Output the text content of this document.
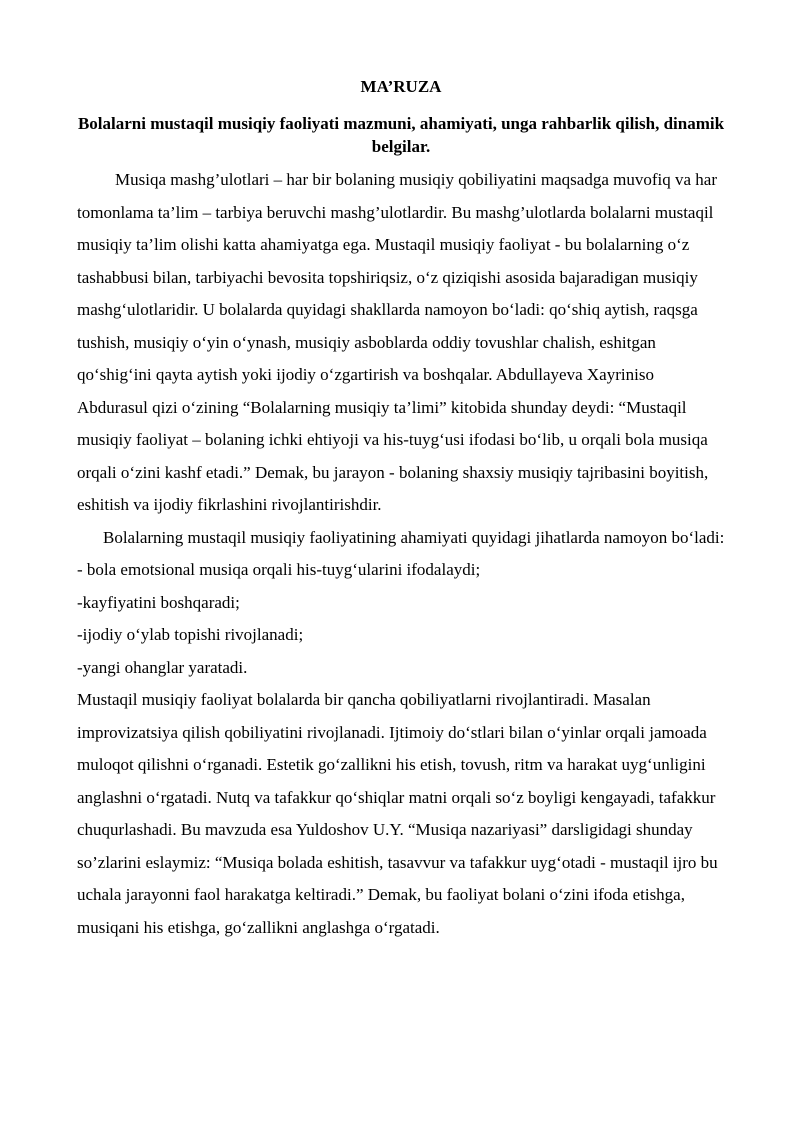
MA’RUZA
Bolalarni mustaqil musiqiy faoliyati mazmuni, ahamiyati, unga rahbarlik qilish, dinamik belgilar.

Musiqa mashg’ulotlari – har bir bolaning musiqiy qobiliyatini maqsadga muvofiq va har tomonlama ta’lim – tarbiya beruvchi mashg’ulotlardir. Bu mashg’ulotlarda bolalarni mustaqil musiqiy ta’lim olishi katta ahamiyatga ega. Mustaqil musiqiy faoliyat - bu bolalarning o‘z tashabbusi bilan, tarbiyachi bevosita topshiriqsiz, o‘z qiziqishi asosida bajaradigan musiqiy mashg‘ulotlaridir. U bolalarda quyidagi shakllarda namoyon bo‘ladi: qo‘shiq aytish, raqsga tushish, musiqiy o‘yin o‘ynash, musiqiy asboblarda oddiy tovushlar chalish, eshitgan qo‘shig‘ini qayta aytish yoki ijodiy o‘zgartirish va boshqalar. Abdullayeva Xayriniso Abdurasul qizi o‘zining “Bolalarning musiqiy ta’limi” kitobida shunday deydi: “Mustaqil musiqiy faoliyat – bolaning ichki ehtiyoji va his-tuyg‘usi ifodasi bo‘lib, u orqali bola musiqa orqali o‘zini kashf etadi.” Demak, bu jarayon - bolaning shaxsiy musiqiy tajribasini boyitish, eshitish va ijodiy fikrlashini rivojlantirishdir.

Bolalarning mustaqil musiqiy faoliyatining ahamiyati quyidagi jihatlarda namoyon bo‘ladi:

- bola emotsional musiqa orqali his-tuyg‘ularini ifodalaydi;
-kayfiyatini boshqaradi;
-ijodiy o‘ylab topishi rivojlanadi;
-yangi ohanglar yaratadi.

Mustaqil musiqiy faoliyat bolalarda bir qancha qobiliyatlarni rivojlantiradi. Masalan improvizatsiya qilish qobiliyatini rivojlanadi. Ijtimoiy do‘stlari bilan o‘yinlar orqali jamoada muloqot qilishni o‘rganadi. Estetik go‘zallikni his etish, tovush, ritm va harakat uyg‘unligini anglashni o‘rgatadi. Nutq va tafakkur qo‘shiqlar matni orqali so‘z boyligi kengayadi, tafakkur chuqurlashadi. Bu mavzuda esa Yuldoshov U.Y. “Musiqa nazariyasi” darsligidagi shunday so’zlarini eslaymiz: “Musiqa bolada eshitish, tasavvur va tafakkur uyg‘otadi - mustaqil ijro bu uchala jarayonni faol harakatga keltiradi.” Demak, bu faoliyat bolani o‘zini ifoda etishga, musiqani his etishga, go‘zallikni anglashga o‘rgatadi.
